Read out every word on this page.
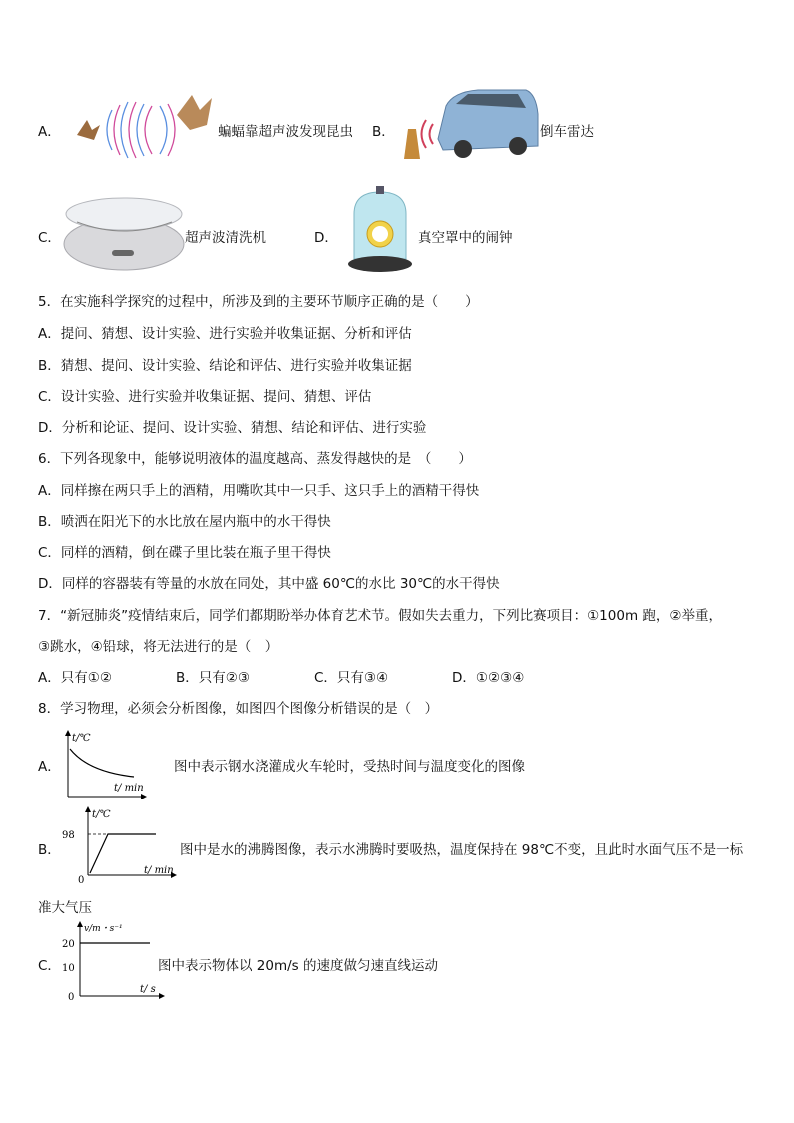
A．	蝙蝠靠超声波发现昆虫 B．	倒车雷达
C．	超声波清洗机	D．	真空罩中的闹钟
5．在实施科学探究的过程中，所涉及到的主要环节顺序正确的是（　　）
A．提问、猜想、设计实验、进行实验并收集证据、分析和评估
B．猜想、提问、设计实验、结论和评估、进行实验并收集证据
C．设计实验、进行实验并收集证据、提问、猜想、评估
D．分析和论证、提问、设计实验、猜想、结论和评估、进行实验
6．下列各现象中，能够说明液体的温度越高、蒸发得越快的是　（　　）
A．同样擦在两只手上的酒精，用嘴吹其中一只手、这只手上的酒精干得快
B．喷洒在阳光下的水比放在屋内瓶中的水干得快
C．同样的酒精，倒在碟子里比装在瓶子里干得快
D．同样的容器装有等量的水放在同处，其中盛 60℃的水比 30℃的水干得快
7．“新冠肺炎”疫情结束后，同学们都期盼举办体育艺术节。假如失去重力，下列比赛项目：①100m 跑，②举重，
③跳水，④铅球，将无法进行的是（　）
A．只有①②	B．只有②③	C．只有③④	D．①②③④
8．学习物理，必须会分析图像，如图四个图像分析错误的是（　）
A．
t/℃
t/ min
图中表示钢水浇灌成火车轮时，受热时间与温度变化的图像
B．
98
0
t/℃
t/ min
图中是水的沸腾图像，表示水沸腾时要吸热，温度保持在 98℃不变，且此时水面气压不是一标
准大气压
C．
20
10
0
v/m・s⁻¹
t/ s
图中表示物体以 20m/s 的速度做匀速直线运动
